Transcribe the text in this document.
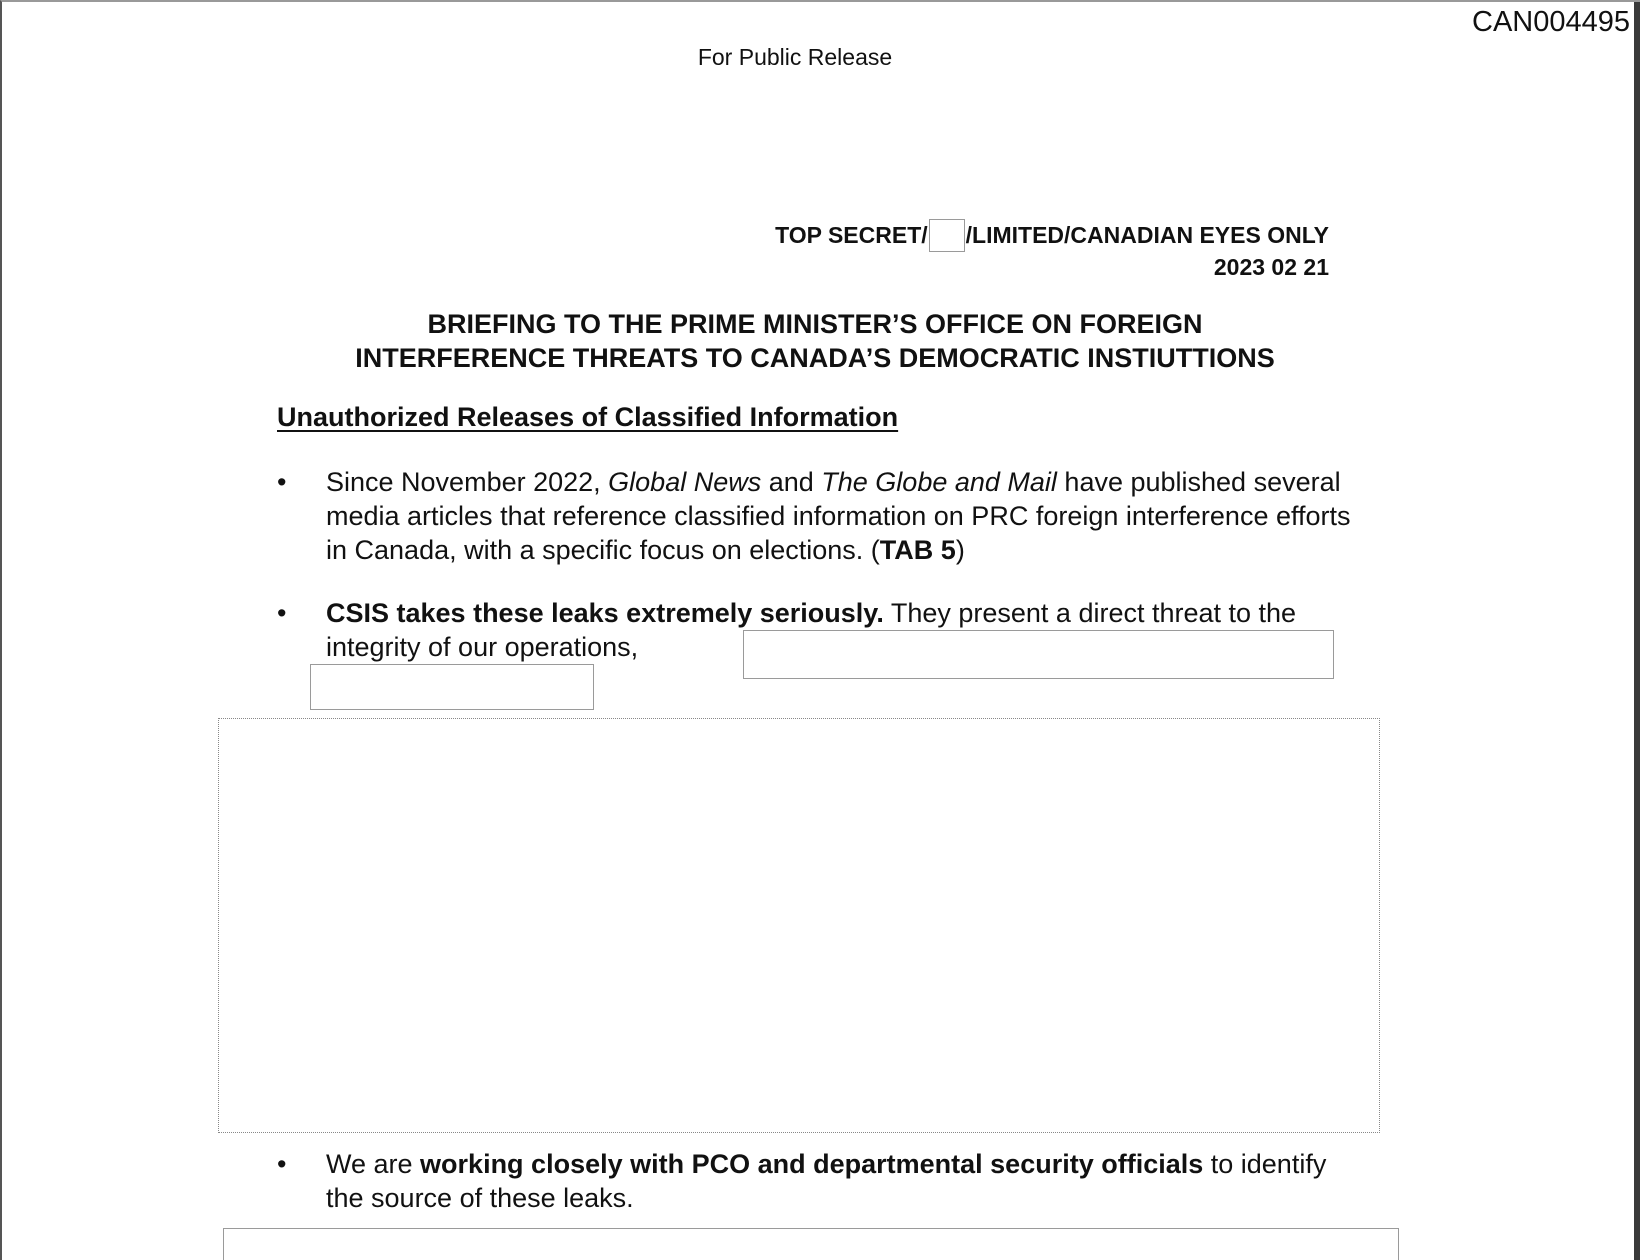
CAN004495
For Public Release
TOP SECRET/ /LIMITED/CANADIAN EYES ONLY
2023 02 21
BRIEFING TO THE PRIME MINISTER’S OFFICE ON FOREIGN
INTERFERENCE THREATS TO CANADA’S DEMOCRATIC INSTIUTTIONS
Unauthorized Releases of Classified Information
•	Since November 2022, Global News and The Globe and Mail have published several media articles that reference classified information on PRC foreign interference efforts in Canada, with a specific focus on elections. (TAB 5)
•	CSIS takes these leaks extremely seriously. They present a direct threat to the integrity of our operations,
•	We are working closely with PCO and departmental security officials to identify the source of these leaks.
